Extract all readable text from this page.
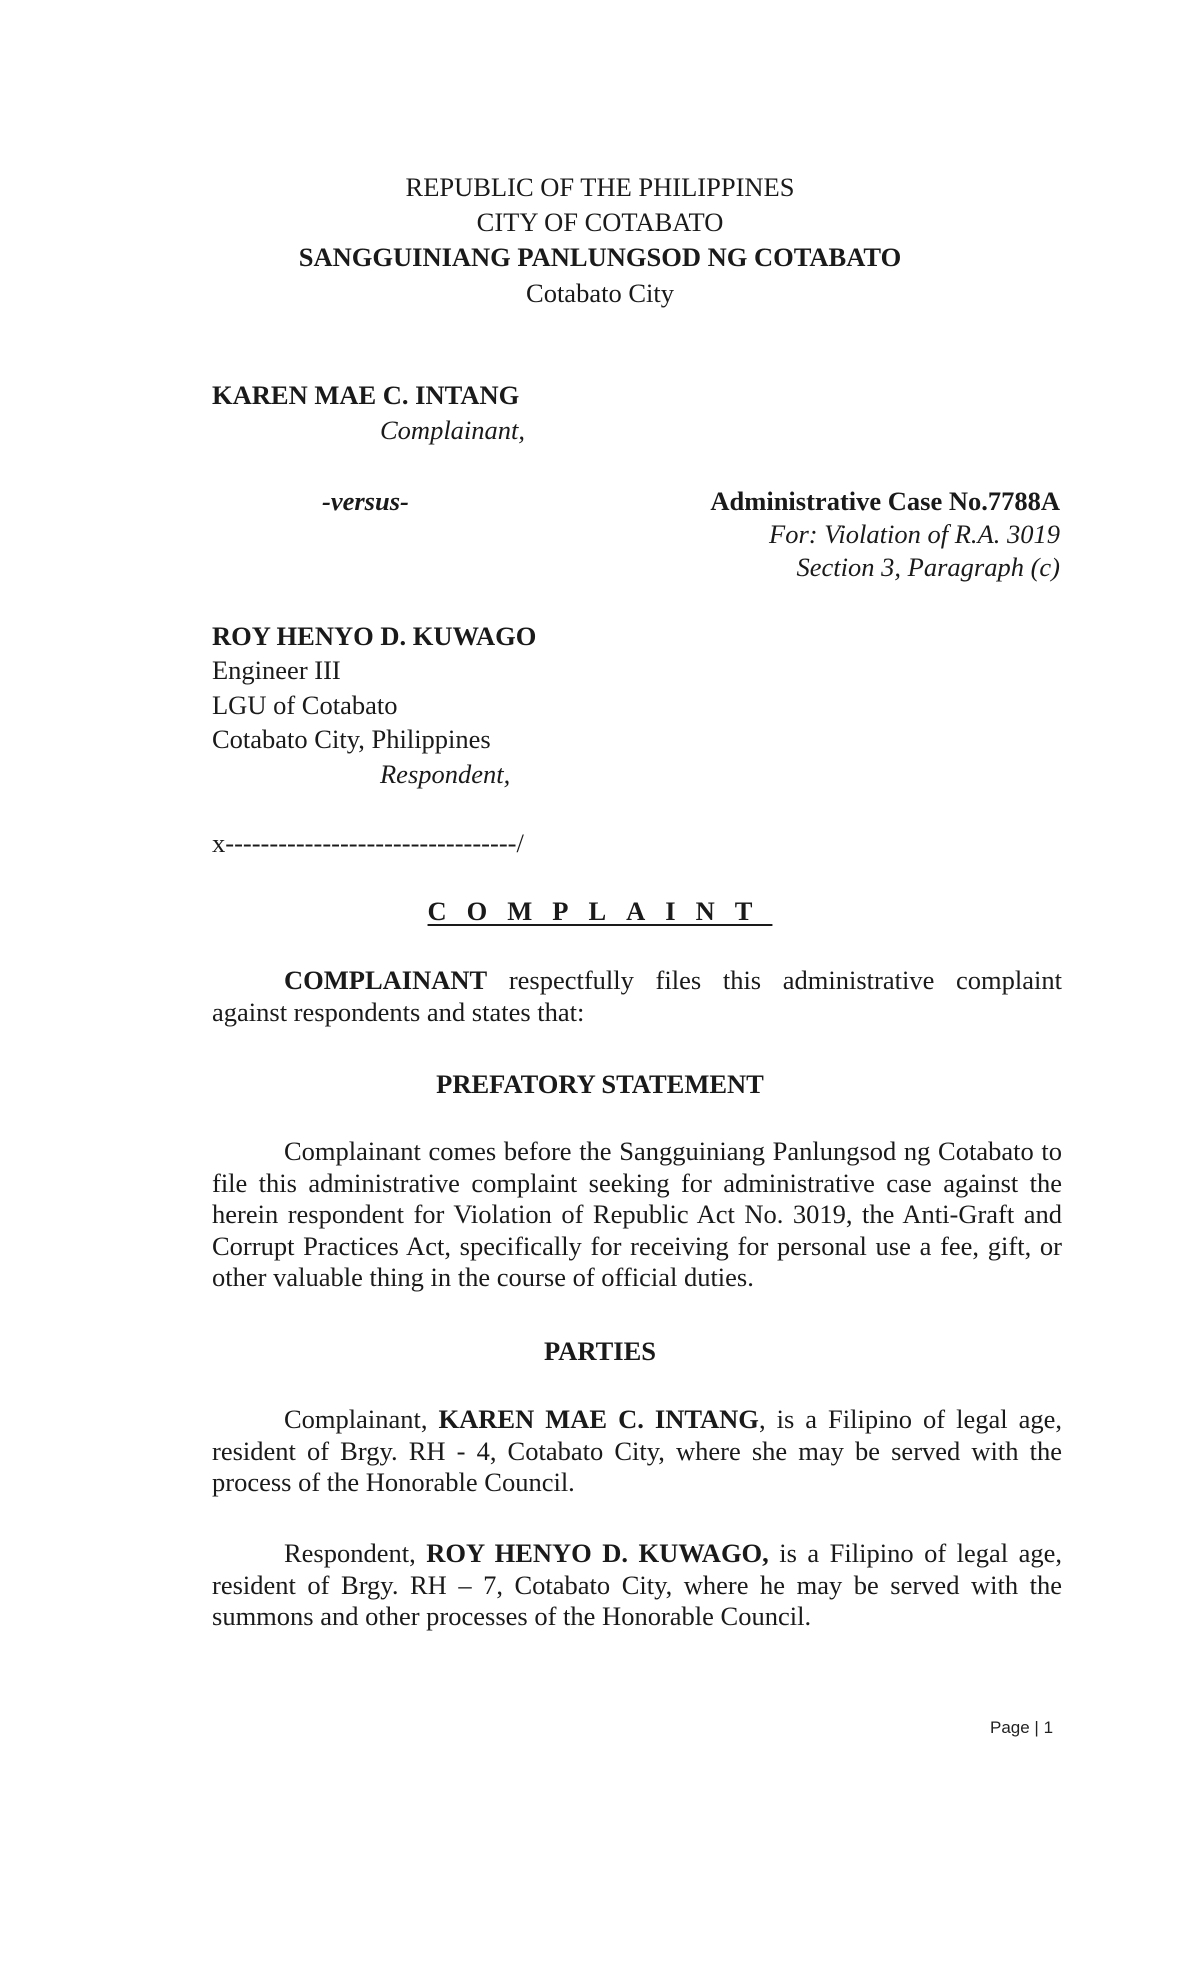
REPUBLIC OF THE PHILIPPINES
CITY OF COTABATO
SANGGUINIANG PANLUNGSOD NG COTABATO
Cotabato City
KAREN MAE C. INTANG
Complainant,
-versus-	Administrative Case No.7788A
For: Violation of R.A. 3019
Section 3, Paragraph (c)
ROY HENYO D. KUWAGO
Engineer III
LGU of Cotabato
Cotabato City, Philippines
Respondent,
x---------------------------------/
COMPLAINT
COMPLAINANT respectfully files this administrative complaint against respondents and states that:
PREFATORY STATEMENT
Complainant comes before the Sangguiniang Panlungsod ng Cotabato to file this administrative complaint seeking for administrative case against the herein respondent for Violation of Republic Act No. 3019, the Anti-Graft and Corrupt Practices Act, specifically for receiving for personal use a fee, gift, or other valuable thing in the course of official duties.
PARTIES
Complainant, KAREN MAE C. INTANG, is a Filipino of legal age, resident of Brgy. RH - 4, Cotabato City, where she may be served with the process of the Honorable Council.
Respondent, ROY HENYO D. KUWAGO, is a Filipino of legal age, resident of Brgy. RH – 7, Cotabato City, where he may be served with the summons and other processes of the Honorable Council.
Page | 1
